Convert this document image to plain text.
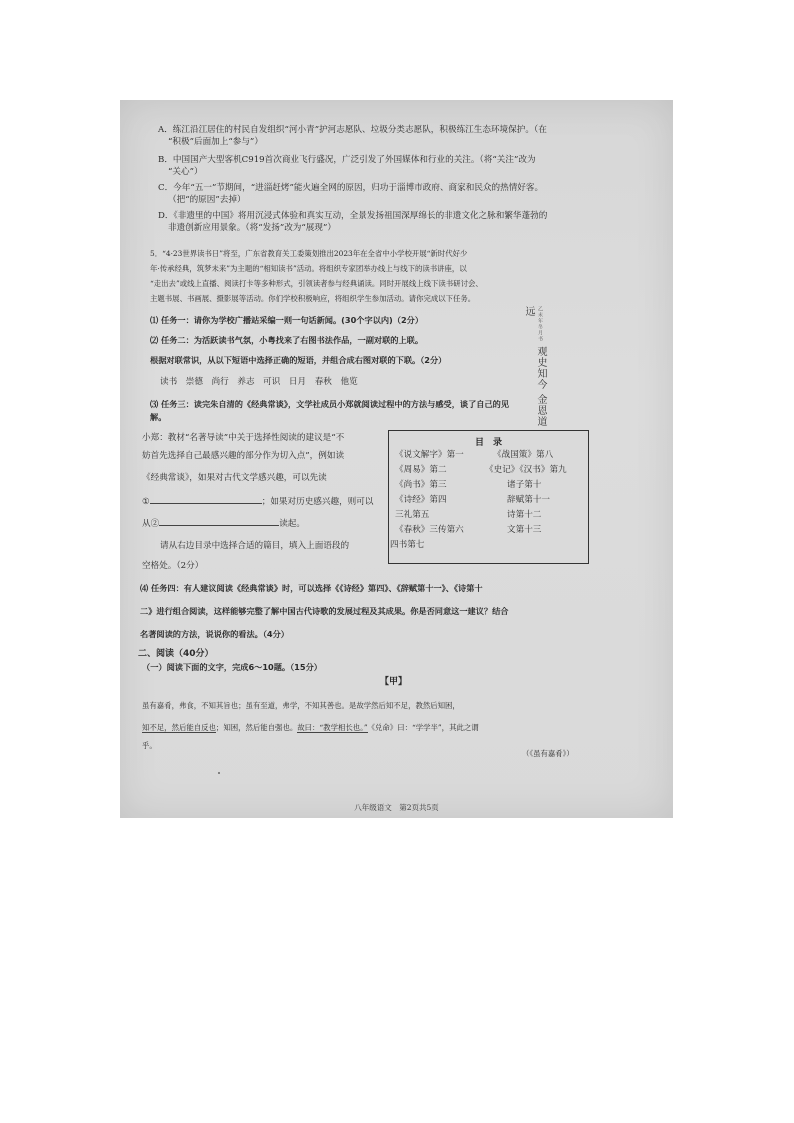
A．练江沿江居住的村民自发组织“河小青”护河志愿队、垃圾分类志愿队，积极练江生态环境保护。（在
“积极”后面加上“参与”）
B．中国国产大型客机C919首次商业飞行盛况，广泛引发了外国媒体和行业的关注。（将“关注”改为
“关心”）
C．今年“五一”节期间，“进淄赶烤”能火遍全网的原因，归功于淄博市政府、商家和民众的热情好客。
（把“的原因”去掉）
D．《非遗里的中国》将用沉浸式体验和真实互动，全景发扬祖国深厚绵长的非遗文化之脉和繁华蓬勃的
非遗创新应用景象。（将“发扬”改为“展现”）
5．“4·23世界读书日”将至，广东省教育关工委策划推出2023年在全省中小学校开展“新时代好少
年·传承经典，筑梦未来”为主题的“相知读书”活动。将组织专家团举办线上与线下的读书讲座，以
“走出去”或线上直播、阅读打卡等多种形式，引领读者参与经典诵读。同时开展线上线下读书研讨会、
主题书展、书画展、摄影展等活动。你们学校积极响应，将组织学生参加活动。请你完成以下任务。
⑴ 任务一：请你为学校广播站采编一则一句话新闻。(30个字以内)（2分）
⑵ 任务二：为活跃读书气氛，小粤找来了右图书法作品，一副对联的上联。
根据对联常识，从以下短语中选择正确的短语，并组合成右图对联的下联。（2分）
读书　崇德　尚行　养志　可识　日月　春秋　他览
乙未年冬月书 观史知今 金恩道远
⑶ 任务三：读完朱自清的《经典常谈》，文学社成员小郑就阅读过程中的方法与感受，谈了自己的见
解。
小郑：教材“名著导读”中关于选择性阅读的建议是“不
妨首先选择自己最感兴趣的部分作为切入点”，例如读
《经典常谈》，如果对古代文学感兴趣，可以先读
①	；如果对历史感兴趣，则可以
从②	读起。
请从右边目录中选择合适的篇目，填入上面语段的
空格处。（2分）
目　录
《说文解字》第一
《周易》第二
《尚书》第三
《诗经》第四
三礼第五
《春秋》三传第六
四书第七
《战国策》第八
《史记》《汉书》第九
诸子第十
辞赋第十一
诗第十二
文第十三
⑷ 任务四：有人建议阅读《经典常谈》时，可以选择《《诗经》第四》、《辞赋第十一》、《诗第十
二》进行组合阅读，这样能够完整了解中国古代诗歌的发展过程及其成果。你是否同意这一建议？结合
名著阅读的方法，说说你的看法。（4分）
二、阅读（40分）
（一）阅读下面的文字，完成6～10题。（15分）
【甲】
虽有嘉肴，弗食，不知其旨也；虽有至道，弗学，不知其善也。是故学然后知不足，教然后知困，
知不足，然后能自反也；知困，然后能自强也。故曰：“教学相长也。”《兑命》曰：“学学半”，其此之谓
乎。
（《虽有嘉肴》）
八年级语文　第2页共5页
